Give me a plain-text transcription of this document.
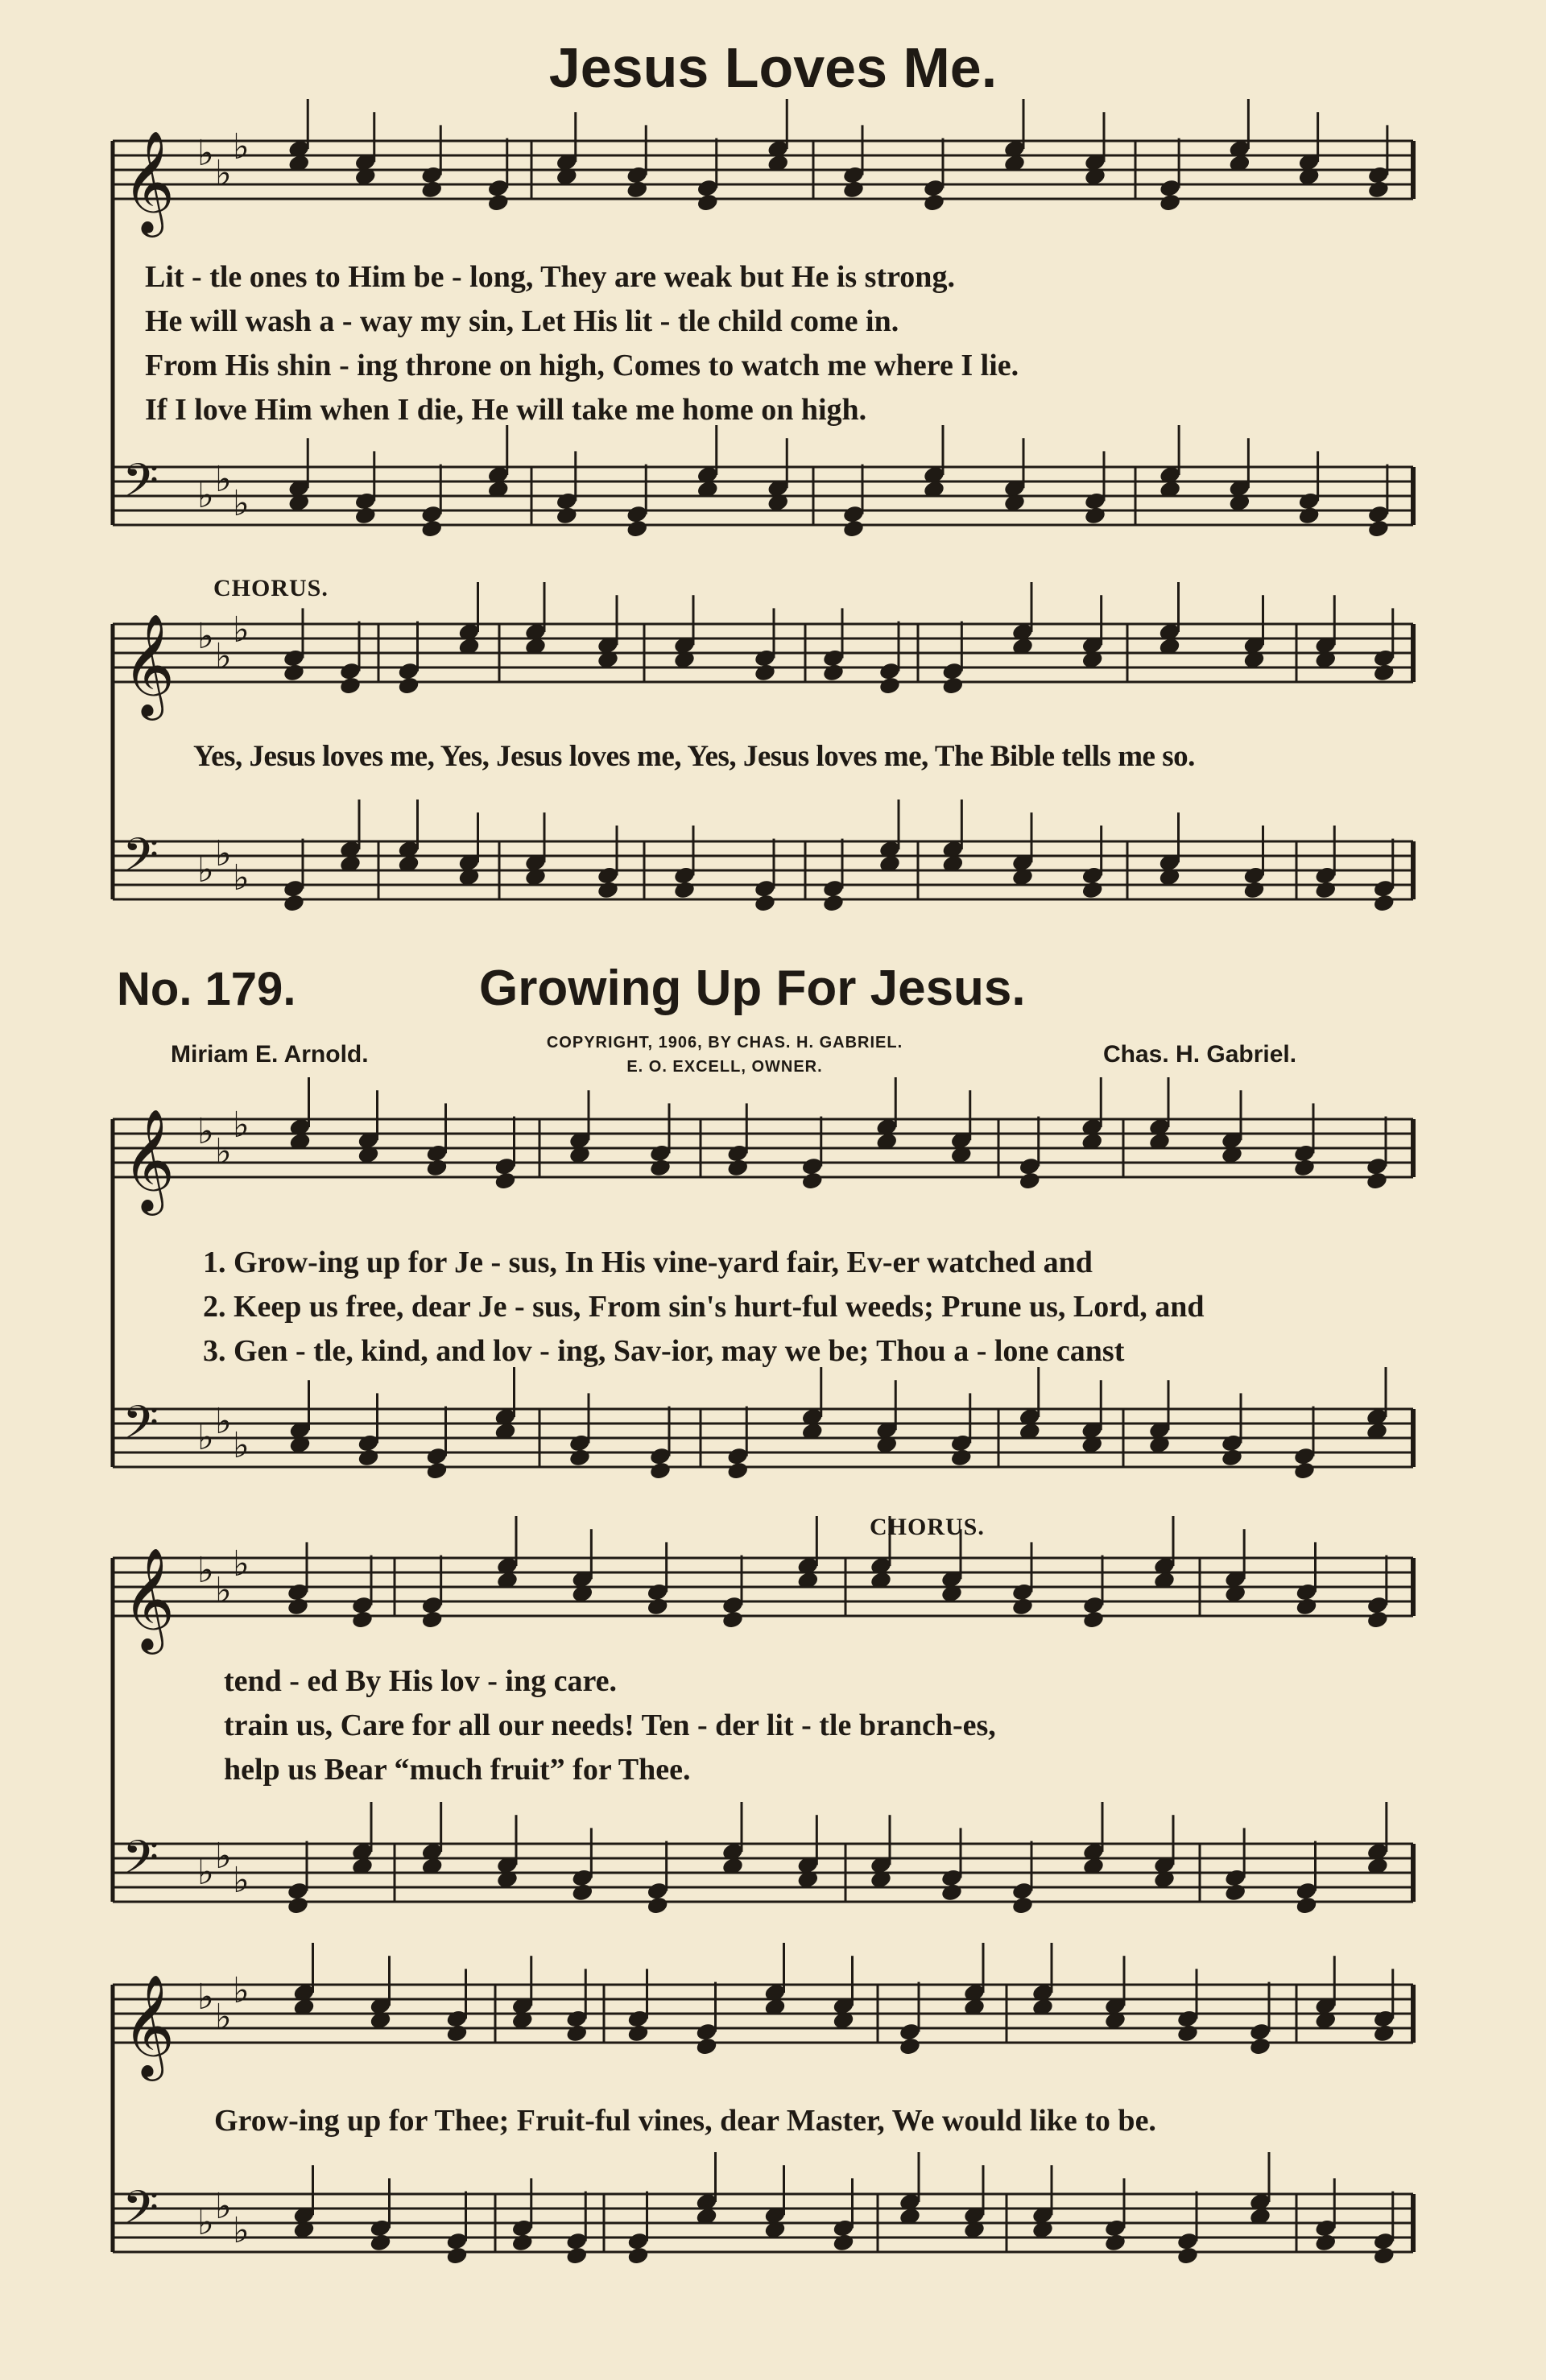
Jesus Loves Me.
𝄞 ♭ ♭
♭
𝄢 ♭ ♭
♭
𝄞 ♭ ♭
♭
𝄢 ♭ ♭
♭
𝄞 ♭ ♭
♭
𝄢 ♭ ♭
♭
𝄞 ♭ ♭
♭
𝄢 ♭ ♭
♭
𝄞 ♭ ♭
♭
𝄢 ♭ ♭
♭
Lit - tle ones to Him be - long, They are weak but He is strong.
He will wash a - way my sin, Let His lit - tle child come in.
From His shin - ing throne on high, Comes to watch me where I lie.
If I love Him when I die, He will take me home on high.
CHORUS.
Yes, Jesus loves me, Yes, Jesus loves me, Yes, Jesus loves me, The Bible tells me so.
No. 179.	Growing Up For Jesus.
Miriam E. Arnold.	COPYRIGHT, 1906, BY CHAS. H. GABRIEL.
E. O. EXCELL, OWNER.	Chas. H. Gabriel.
1. Grow-ing up for Je - sus, In His vine-yard fair, Ev-er watched and
2. Keep us free, dear Je - sus, From sin's hurt-ful weeds; Prune us, Lord, and
3. Gen - tle, kind, and lov - ing, Sav-ior, may we be; Thou a - lone canst
CHORUS.
tend - ed By His lov - ing care.
train us, Care for all our needs! Ten - der lit - tle branch-es,
help us Bear “much fruit” for Thee.
Grow-ing up for Thee; Fruit-ful vines, dear Master, We would like to be.
